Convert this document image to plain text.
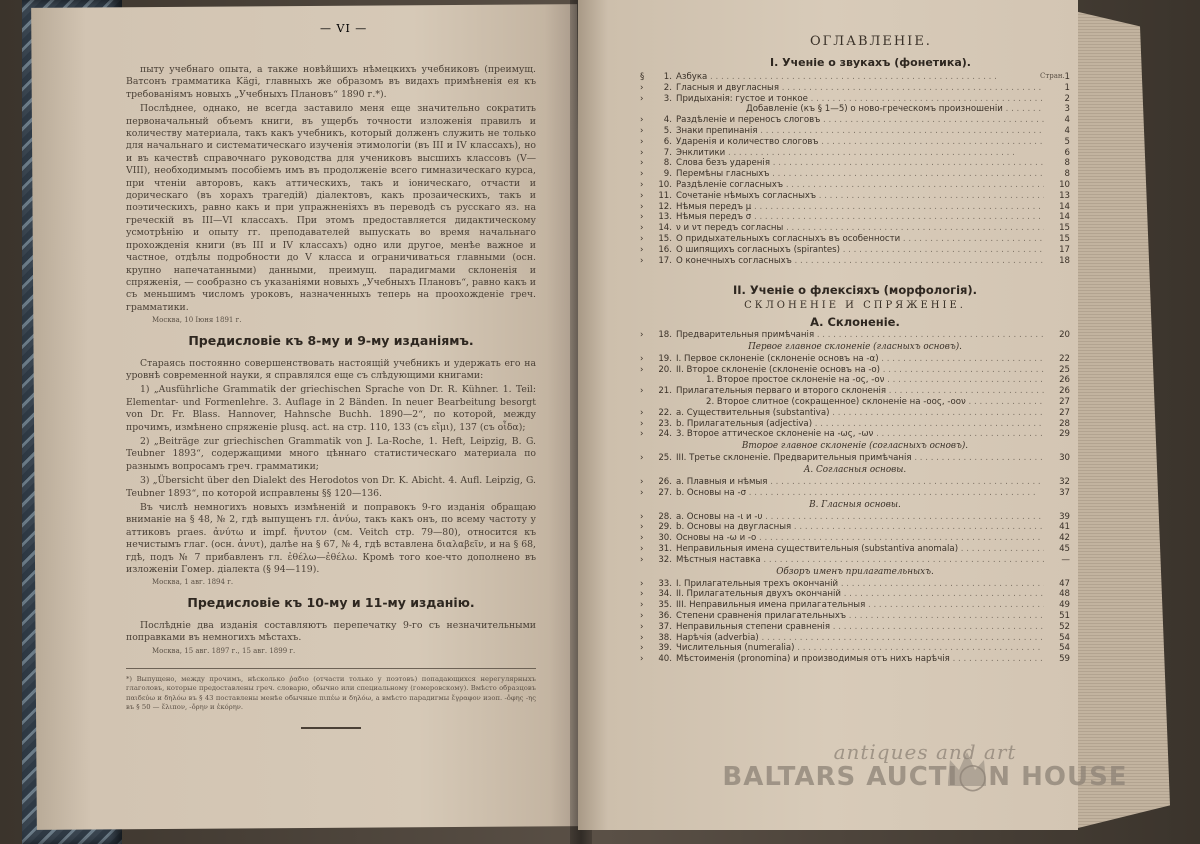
— VI —

пыту учебнаго опыта, а также новѣйшихъ нѣмецкихъ учебниковъ (преимущ. Ватсонъ грамматика Kägi, главныхъ же образомъ въ видахъ примѣненія ея къ требованіямъ новыхъ „Учебныхъ Плановъ“ 1890 г.*).

Послѣднее, однако, не всегда заставило меня еще значительно сократить первоначальный объемъ книги, въ ущербъ точности изложенія правилъ и количеству материала, такъ какъ учебникъ, который долженъ служить не только для начальнаго и систематическаго изученія этимологіи (въ III и IV классахъ), но и въ качествѣ справочнаго руководства для учениковъ высшихъ классовъ (V—VIII), необходимымъ пособіемъ имъ въ продолженіе всего гимназическаго курса, при чтеніи авторовъ, какъ аттическихъ, такъ и іоническаго, отчасти и дорическаго (въ хорахъ трагедій) діалектовъ, какъ прозаическихъ, такъ и поэтическихъ, равно какъ и при упражненіяхъ въ переводѣ съ русскаго яз. на греческій въ III—VI классахъ. При этомъ предоставляется дидактическому усмотрѣнію и опыту гг. преподавателей выпускать во время начальнаго прохожденія книги (въ III и IV классахъ) одно или другое, менѣе важное и частное, отдѣлы подробности до V класса и ограничиваться главными (осн. крупно напечатанными) данными, преимущ. парадигмами склоненія и спряженія, — сообразно съ указаніями новыхъ „Учебныхъ Плановъ“, равно какъ и съ меньшимъ числомъ уроковъ, назначенныхъ теперь на проохожденіе греч. грамматики.

Москва, 10 Іюня 1891 г.

Предисловіе къ 8-му и 9-му изданіямъ.

Стараясь постоянно совершенствовать настоящій учебникъ и удержать его на уровнѣ современной науки, я справлялся еще съ слѣдующими книгами:

1) „Ausführliche Grammatik der griechischen Sprache von Dr. R. Kühner. 1. Teil: Elementar- und Formenlehre. 3. Auflage in 2 Bänden. In neuer Bearbeitung besorgt von Dr. Fr. Blass. Hannover, Hahnsche Buchh. 1890—2“, по которой, между прочимъ, измѣнено спряженіе plusq. act. на стр. 110, 133 (съ εἴμι), 137 (съ οἶδα);

2) „Beiträge zur griechischen Grammatik von J. La-Roche, 1. Heft, Leipzig, B. G. Teubner 1893“, содержащими много цѣннаго статистическаго материала по разнымъ вопросамъ греч. грамматики;

3) „Übersicht über den Dialekt des Herodotos von Dr. K. Abicht. 4. Aufl. Leipzig, G. Teubner 1893“, по которой исправлены §§ 120—136.

Въ числѣ немногихъ новыхъ измѣненій и поправокъ 9-го изданія обращаю вниманіе на § 48, № 2, гдѣ выпущенъ гл. ἀνύω, такъ какъ онъ, по всему частоту у аттиковъ praes. ἀνύτω и impf. ἤνυτον (см. Veitch стр. 79—80), относится къ нечистымъ глаг. (осн. ἀνυτ), далѣе на § 67, № 4, гдѣ вставлена διαλαβεῖν, и на § 68, гдѣ, подъ № 7 прибавленъ гл. ἐθέλω—ἐθέλω. Кромѣ того кое-что дополнено въ изложеніи Гомер. діалекта (§ 94—119).

Москва, 1 авг. 1894 г.

Предисловіе къ 10-му и 11-му изданію.

Послѣдніе два изданія составляютъ перепечатку 9-го съ незначительными поправками въ немногихъ мѣстахъ.

Москва, 15 авг. 1897 г., 15 авг. 1899 г.

*) Выпущено, между прочимъ, нѣсколько ῥαδιο (отчасти только у поэтовъ) попадающихся нерегулярныхъ глаголовъ, которые предоставлены греч. словарю, обычно или специальному (гомеровскому). Вмѣсто образцовъ παιδεύω и δηλόω въ § 43 поставлены менѣе обычные πιπέω и δηλόω, а вмѣсто парадигмы ἔγραφον изоп. -ὄφης -ης въ § 50 — ἔλιπον, -ὄρην и ἐκόρην.
ОГЛАВЛЕНІЕ.
I. Ученіе о звукахъ (фонетика).
Стран.
§	1. Азбука . . .	1
›	2. Гласныя и двугласныя . . .	1
›	3. Придыханія: густое и тонкое . . .	2
Добавленіе (къ § 1—5) о ново-греческомъ произношеніи . . .	3
›	4. Раздѣленіе и переносъ слоговъ . . .	4
›	5. Знаки препинанія . . .	4
›	6. Ударенія и количество слоговъ . . .	5
›	7. Энклитики . . .	6
›	8. Слова безъ ударенія . . .	8
›	9. Перемѣны гласныхъ . . .	8
›	10. Раздѣленіе согласныхъ . . .	10
›	11. Сочетаніе нѣмыхъ согласныхъ . . .	13
›	12. Нѣмыя передъ μ . . .	14
›	13. Нѣмыя передъ σ . . .	14
›	14. ν и ντ передъ согласны . . .	15
›	15. О придыхательныхъ согласныхъ въ особенности . . .	15
›	16. О шипящихъ согласныхъ (spirantes) . . .	17
›	17. О конечныхъ согласныхъ . . .	18
II. Ученіе о флексіяхъ (морфологія).
СКЛОНЕНІЕ И СПРЯЖЕНІЕ.
А. Склоненіе.
›	18. Предварительныя примѣчанія . . .	20
Первое главное склоненіе (гласныхъ основъ).
›	19. I. Первое склоненіе (склоненіе основъ на -α) . . .	22
›	20. II. Второе склоненіе (склоненіе основъ на -ο) . . .	25
1. Второе простое склоненіе на -ος, -ον . . .	26
›	21. Прилагательныя перваго и второго склоненія . . .	26
2. Второе слитное (сокращенное) склоненіе на -οος, -οον . . .	27
›	22. a. Существительныя (substantiva) . . .	27
›	23. b. Прилагательныя (adjectiva) . . .	28
›	24. 3. Второе аттическое склоненіе на -ως, -ων . . .	29
Второе главное склоненіе (согласныхъ основъ).
›	25. III. Третье склоненіе. Предварительныя примѣчанія . . .	30
А. Согласныя основы.
›	26. a. Плавныя и нѣмыя . . .	32
›	27. b. Основы на -σ . . .	37
В. Гласныя основы.
›	28. a. Основы на -ι и -υ . . .	39
›	29. b. Основы на двугласныя . . .	41
›	30. Основы на -ω и -ο . . .	42
›	31. Неправильныя имена существительныя (substantiva anomala) . . .	45
›	32. Мѣстныя наставка . . .	—
Обзоръ именъ прилагательныхъ.
›	33. I. Прилагательныя трехъ окончаній . . .	47
›	34. II. Прилагательныя двухъ окончаній . . .	48
›	35. III. Неправильныя имена прилагательныя . . .	49
›	36. Степени сравненія прилагательныхъ . . .	51
›	37. Неправильныя степени сравненія . . .	52
›	38. Нарѣчія (adverbia) . . .	54
›	39. Числительныя (numeralia) . . .	54
›	40. Мѣстоименія (pronomina) и производимыя отъ нихъ нарѣчія . . .	59
antiques and art
BALTARS AUCTI◯N HOUSE
